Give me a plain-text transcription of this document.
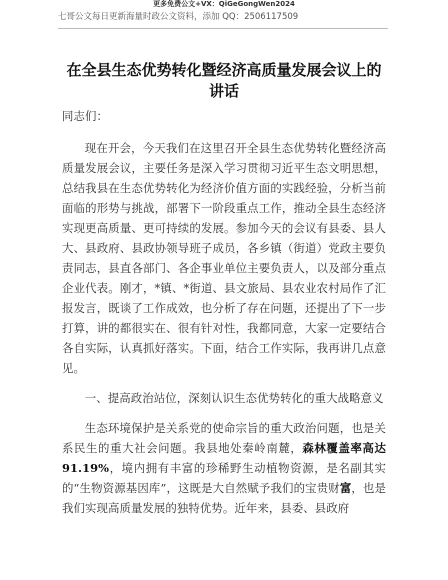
更多免费公文+VX：QiGeGongWen2024
七哥公文每日更新海量时政公文资料，添加 QQ：2506117509
在全县生态优势转化暨经济高质量发展会议上的讲话

同志们：

现在开会，今天我们在这里召开全县生态优势转化暨经济高质量发展会议，主要任务是深入学习贯彻习近平生态文明思想，总结我县在生态优势转化为经济价值方面的实践经验，分析当前面临的形势与挑战，部署下一阶段重点工作，推动全县生态经济实现更高质量、更可持续的发展。参加今天的会议有县委、县人大、县政府、县政协领导班子成员，各乡镇（街道）党政主要负责同志，县直各部门、各企事业单位主要负责人，以及部分重点企业代表。刚才，*镇、*街道、县文旅局、县农业农村局作了汇报发言，既谈了工作成效，也分析了存在问题，还提出了下一步打算，讲的都很实在、很有针对性，我都同意，大家一定要结合各自实际，认真抓好落实。下面，结合工作实际，我再讲几点意见。

一、提高政治站位，深刻认识生态优势转化的重大战略意义

生态环境保护是关系党的使命宗旨的重大政治问题，也是关系民生的重大社会问题。我县地处秦岭南麓，森林覆盖率高达 91.19%，境内拥有丰富的珍稀野生动植物资源，是名副其实的“生物资源基因库”，这既是大自然赋予我们的宝贵财富，也是我们实现高质量发展的独特优势。近年来，县委、县政府
